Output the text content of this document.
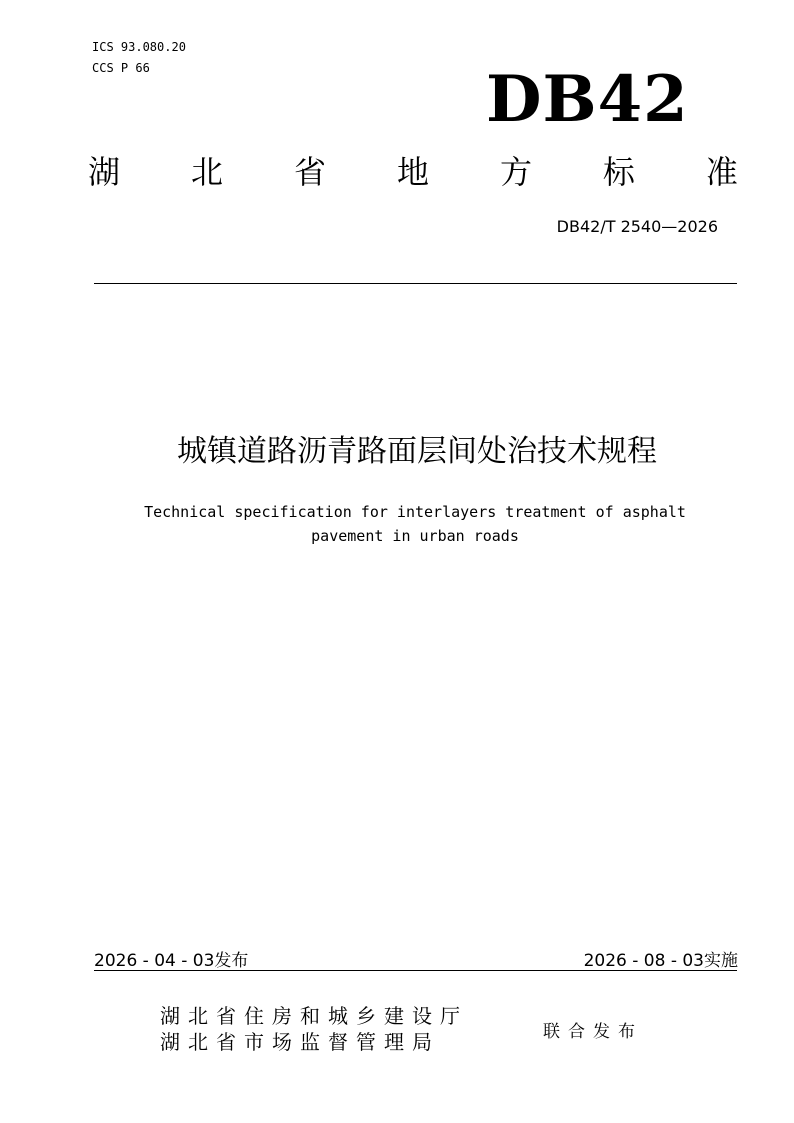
ICS 93.080.20
CCS P 66	DB42
湖 北 省 地 方 标 准
DB42/T 2540—2026
城镇道路沥青路面层间处治技术规程
Technical specification for interlayers treatment of asphalt pavement in urban roads
2026 - 04 - 03发布	2026 - 08 - 03实施
湖北省住房和城乡建设厅
湖北省市场监督管理局	联合发布
